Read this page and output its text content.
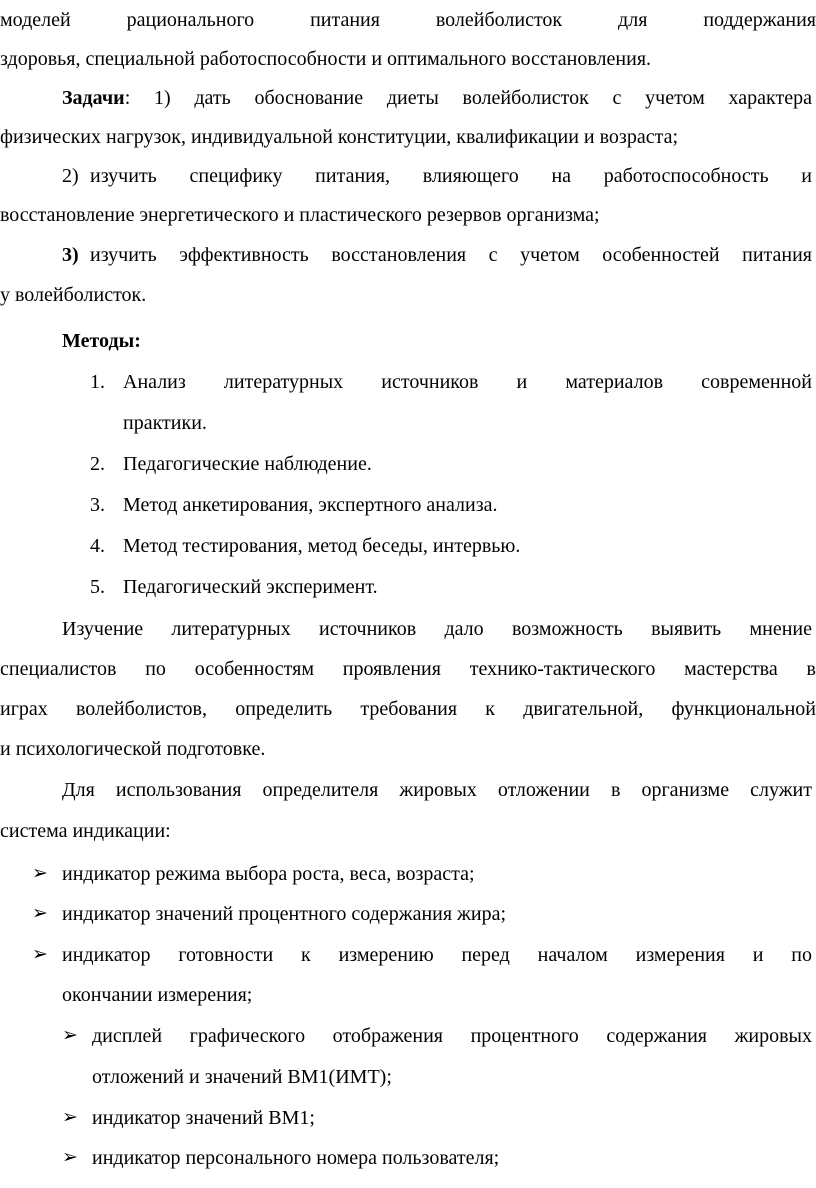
моделей рационального питания волейболисток для поддержания
здоровья, специальной работоспособности и оптимального восстановления.
Задачи: 1) дать обоснование диеты волейболисток с учетом характера
физических нагрузок, индивидуальной конституции, квалификации и возраста;
2) изучить специфику питания, влияющего на работоспособность и
восстановление энергетического и пластического резервов организма;
3) изучить эффективность восстановления с учетом особенностей питания
у волейболисток.
Методы:
1. Анализ литературных источников и материалов современной
практики.
2. Педагогические наблюдение.
3. Метод анкетирования, экспертного анализа.
4. Метод тестирования, метод беседы, интервью.
5. Педагогический эксперимент.
Изучение литературных источников дало возможность выявить мнение
специалистов по особенностям проявления технико-тактического мастерства в
играх волейболистов, определить требования к двигательной, функциональной
и психологической подготовке.
Для использования определителя жировых отложении в организме служит
система индикации:
➢ индикатор режима выбора роста, веса, возраста;
➢ индикатор значений процентного содержания жира;
➢ индикатор готовности к измерению перед началом измерения и по
окончании измерения;
➢ дисплей графического отображения процентного содержания жировых
отложений и значений ВМ1(ИМТ);
➢ индикатор значений ВМ1;
➢ индикатор персонального номера пользователя;
